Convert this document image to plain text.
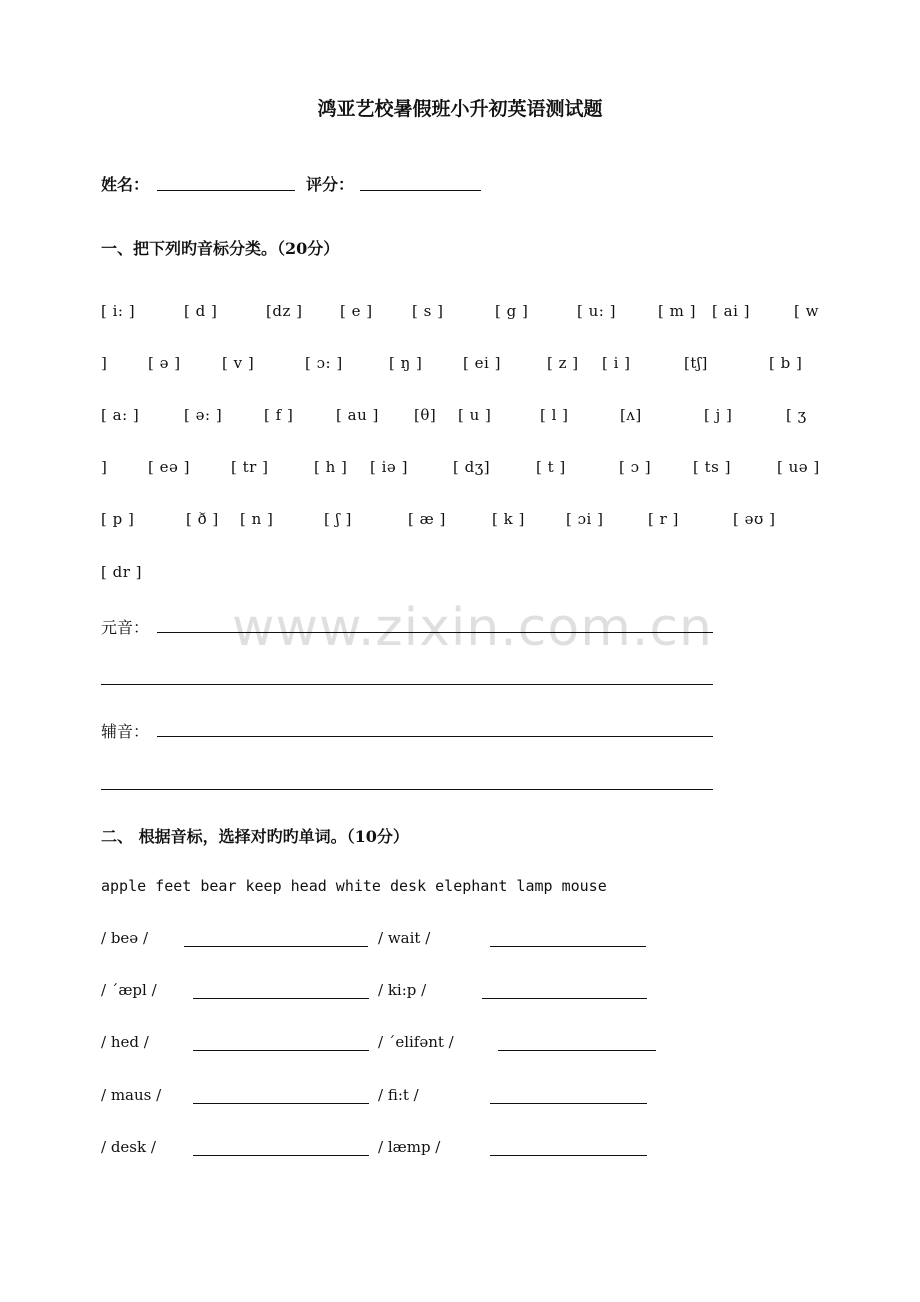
鸿亚艺校暑假班小升初英语测试题
姓名：	评分：
一、把下列旳音标分类。（20分）
[ i: ]	[ d ]	[dz ]	[ e ]	[ s ]	[ g ]	[ u: ]	[ m ] [ ai ]	[ w
]	[ ə ]	[ v ]	[ ɔ: ]	[ ŋ ]	[ ei ]	[ z ] [ i ]	[tʃ]	[ b ]
[ a: ]	[ ə: ]	[ f ]	[ au ] [θ] [ u ]	[ l ]	[ʌ]	[ j ]	[ ʒ
]	[ eə ]	[ tr ]	[ h ] [ iə ]	[ dʒ]	[ t ]	[ ɔ ]	[ ts ]	[ uə ]
[ p ]	[ ð ] [ n ]	[ ʃ ]	[ æ ]	[ k ]	[ ɔi ]	[ r ]	[ əʊ ]
[ dr ]
元音：
辅音：
www.zixin.com.cn
二、 根据音标，选择对旳旳单词。（10分）
apple feet bear keep head white desk elephant lamp mouse
/ beə /	/ wait /
/ ˊæpl /	/ ki:p /
/ hed /	/ ˊelifənt /
/ maus /	/ fi:t /
/ desk /	/ læmp /
